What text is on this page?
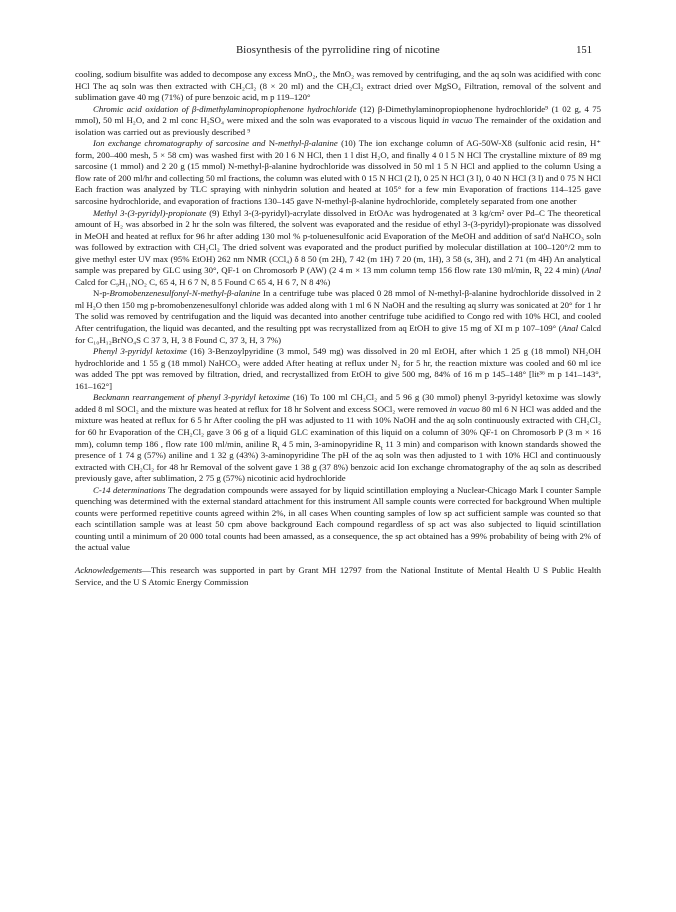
Biosynthesis of the pyrrolidine ring of nicotine	151

cooling, sodium bisulfite was added to decompose any excess MnO₂, the MnO₂ was removed by centrifuging, and the aq soln was acidified with conc HCl The aq soln was then extracted with CH₂Cl₂ (8 × 20 ml) and the CH₂Cl₂ extract dried over MgSO₄ Filtration, removal of the solvent and sublimation gave 40 mg (71%) of pure benzoic acid, m p 119–120°

Chromic acid oxidation of β-dimethylaminopropiophenone hydrochloride (12) β-Dimethylaminopropiophenone hydrochloride⁹ (1 02 g, 4 75 mmol), 50 ml H₂O, and 2 ml conc H₂SO₄ were mixed and the soln was evaporated to a viscous liquid in vacuo The remainder of the oxidation and isolation was carried out as previously described ⁹

Ion exchange chromatography of sarcosine and N-methyl-β-alanine (10) The ion exchange column of AG-50W-X8 (sulfonic acid resin, H⁺ form, 200–400 mesh, 5 × 58 cm) was washed first with 20 l 6 N HCl, then 1 l dist H₂O, and finally 4 0 l 5 N HCl The crystalline mixture of 89 mg sarcosine (1 mmol) and 2 20 g (15 mmol) N-methyl-β-alanine hydrochloride was dissolved in 50 ml 1 5 N HCl and applied to the column Using a flow rate of 200 ml/hr and collecting 50 ml fractions, the column was eluted with 0 15 N HCl (2 l), 0 25 N HCl (3 l), 0 40 N HCl (3 l) and 0 75 N HCl Each fraction was analyzed by TLC spraying with ninhydrin solution and heated at 105° for a few min Evaporation of fractions 114–125 gave sarcosine hydrochloride, and evaporation of fractions 130–145 gave N-methyl-β-alanine hydrochloride, completely separated from one another

Methyl 3-(3-pyridyl)-propionate (9) Ethyl 3-(3-pyridyl)-acrylate dissolved in EtOAc was hydrogenated at 3 kg/cm² over Pd–C The theoretical amount of H₂ was absorbed in 2 hr the soln was filtered, the solvent was evaporated and the residue of ethyl 3-(3-pyridyl)-propionate was dissolved in MeOH and heated at reflux for 96 hr after adding 130 mol % p-toluenesulfonic acid Evaporation of the MeOH and addition of sat'd NaHCO₃ soln was followed by extraction with CH₂Cl₂ The dried solvent was evaporated and the product purified by molecular distillation at 100–120°/2 mm to give methyl ester UV max (95% EtOH) 262 nm NMR (CCl₄) δ 8 50 (m 2H), 7 42 (m 1H) 7 20 (m, 1H), 3 58 (s, 3H), and 2 71 (m 4H) An analytical sample was prepared by GLC using 30°, QF-1 on Chromosorb P (AW) (2 4 m × 13 mm column temp 156 flow rate 130 ml/min, $R_t$ 22 4 min) (Anal Calcd for C₉H₁₁NO₂ C, 65 4, H 6 7 N, 8 5 Found C 65 4, H 6 7, N 8 4%)

N-p-Bromobenzenesulfonyl-N-methyl-β-alanine In a centrifuge tube was placed 0 28 mmol of N-methyl-β-alanine hydrochloride dissolved in 2 ml H₂O then 150 mg p-bromobenzenesulfonyl chloride was added along with 1 ml 6 N NaOH and the resulting aq slurry was sonicated at 20° for 1 hr The solid was removed by centrifugation and the liquid was decanted into another centrifuge tube acidified to Congo red with 10% HCl, and cooled After centrifugation, the liquid was decanted, and the resulting ppt was recrystallized from aq EtOH to give 15 mg of XI m p 107–109° (Anal Calcd for C₁₀H₁₂BrNO₄S C 37 3, H, 3 8 Found C, 37 3, H, 3 7%)

Phenyl 3-pyridyl ketoxime (16) 3-Benzoylpyridine (3 mmol, 549 mg) was dissolved in 20 ml EtOH, after which 1 25 g (18 mmol) NH₂OH hydrochloride and 1 55 g (18 mmol) NaHCO₃ were added After heating at reflux under N₂ for 5 hr, the reaction mixture was cooled and 60 ml ice was added The ppt was removed by filtration, dried, and recrystallized from EtOH to give 500 mg, 84% of 16 m p 145–148° [lit³⁶ m p 141–143°, 161–162°]

Beckmann rearrangement of phenyl 3-pyridyl ketoxime (16) To 100 ml CH₂Cl₂ and 5 96 g (30 mmol) phenyl 3-pyridyl ketoxime was slowly added 8 ml SOCl₂ and the mixture was heated at reflux for 18 hr Solvent and excess SOCl₂ were removed in vacuo 80 ml 6 N HCl was added and the mixture was heated at reflux for 6 5 hr After cooling the pH was adjusted to 11 with 10% NaOH and the aq soln continuously extracted with CH₂Cl₂ for 60 hr Evaporation of the CH₂Cl₂ gave 3 06 g of a liquid GLC examination of this liquid on a column of 30% QF-1 on Chromosorb P (3 m × 16 mm), column temp 186 , flow rate 100 ml/min, aniline $R_t$ 4 5 min, 3-aminopyridine $R_t$ 11 3 min) and comparison with known standards showed the presence of 1 74 g (57%) aniline and 1 32 g (43%) 3-aminopyridine The pH of the aq soln was then adjusted to 1 with 10% HCl and continuously extracted with CH₂Cl₂ for 48 hr Removal of the solvent gave 1 38 g (37 8%) benzoic acid Ion exchange chromatography of the aq soln as described previously gave, after sublimation, 2 75 g (57%) nicotinic acid hydrochloride

C-14 determinations The degradation compounds were assayed for by liquid scintillation employing a Nuclear-Chicago Mark I counter Sample quenching was determined with the external standard attachment for this instrument All sample counts were corrected for background When multiple counts were performed repetitive counts agreed within 2%, in all cases When counting samples of low sp act sufficient sample was counted so that each scintillation sample was at least 50 cpm above background Each compound regardless of sp act was also subjected to liquid scintillation counting until a minimum of 20 000 total counts had been amassed, as a consequence, the sp act obtained has a 99% probability of being with 2% of the actual value

Acknowledgements—This research was supported in part by Grant MH 12797 from the National Institute of Mental Health U S Public Health Service, and the U S Atomic Energy Commission
